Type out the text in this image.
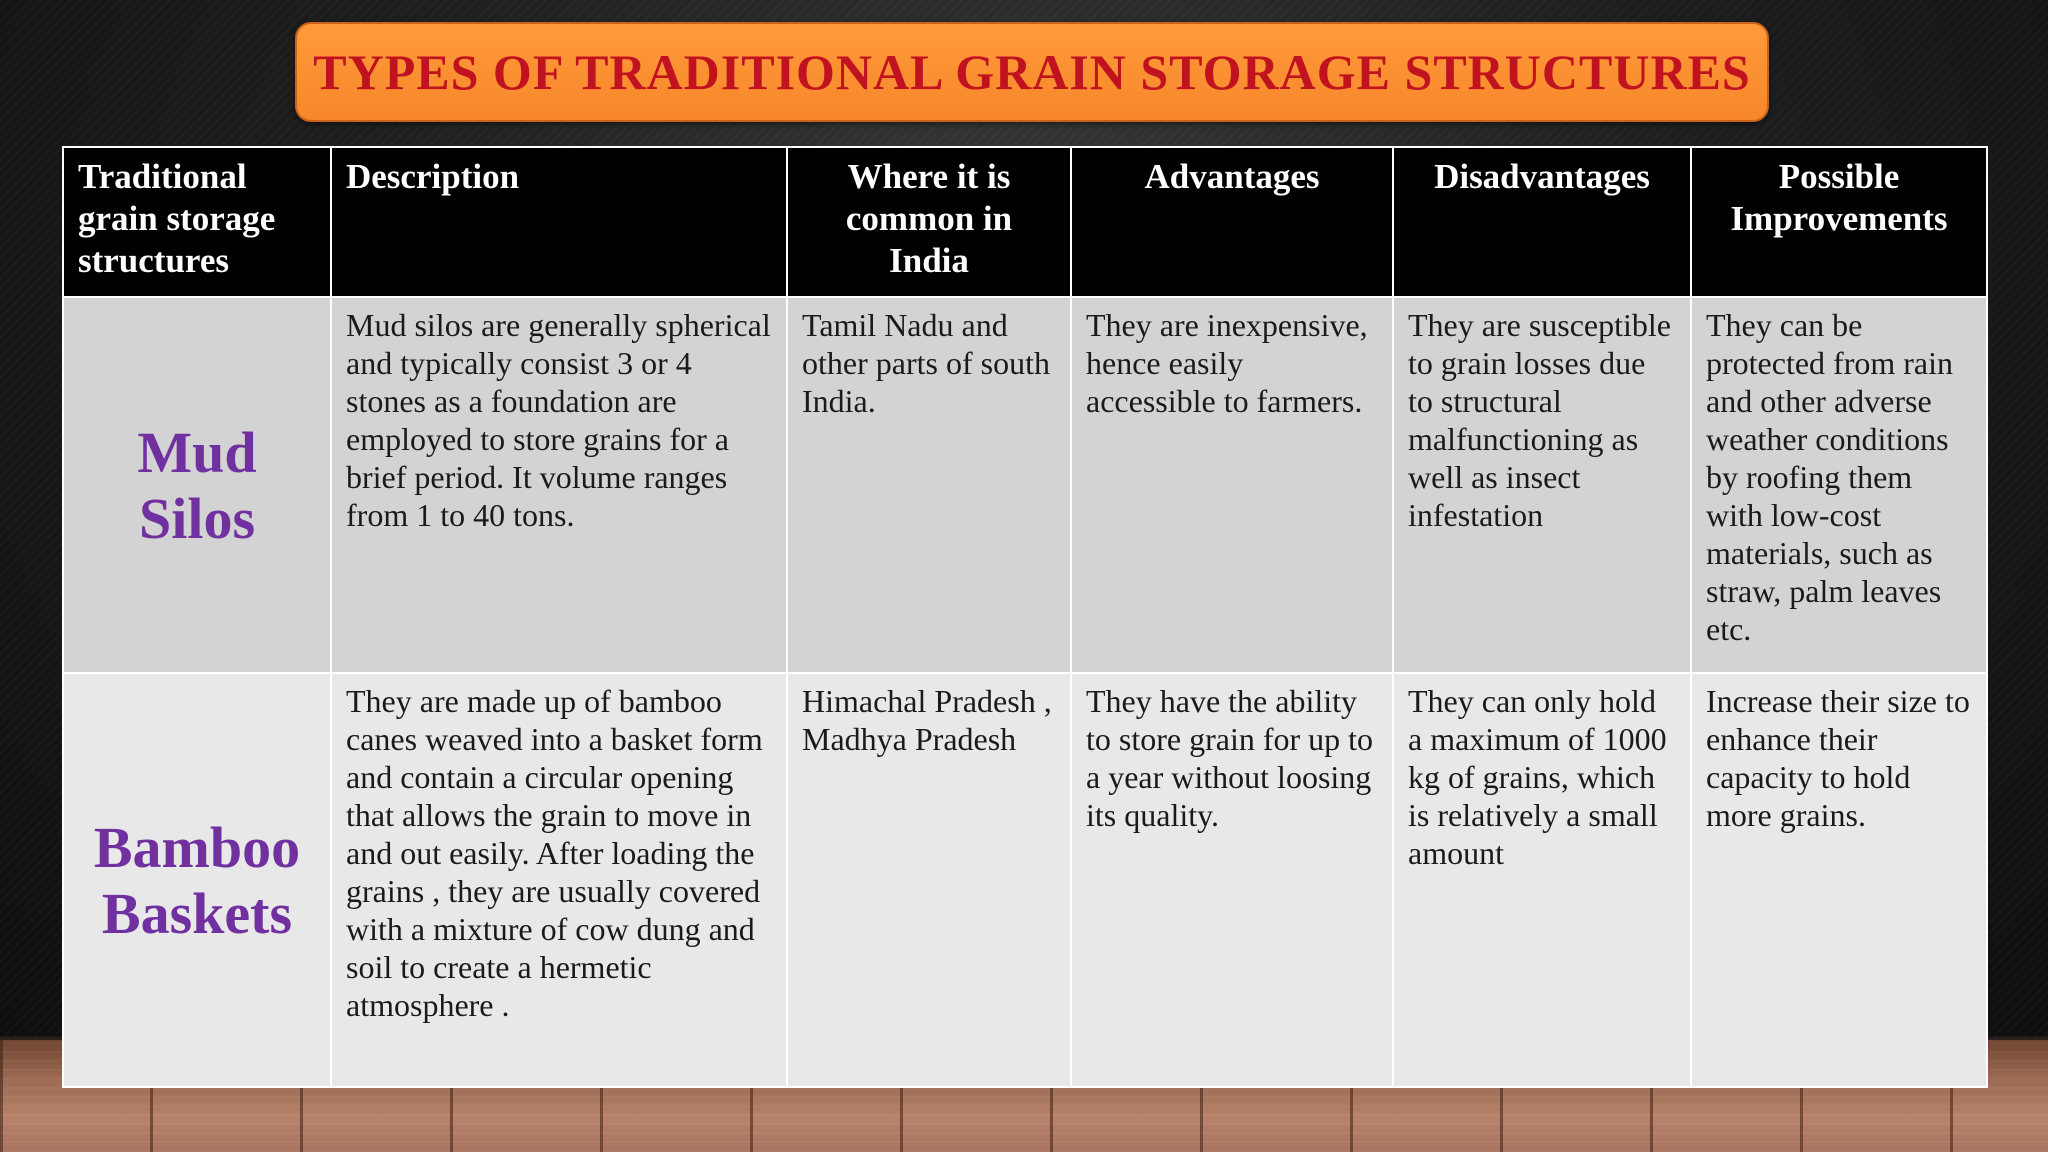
TYPES OF TRADITIONAL GRAIN STORAGE STRUCTURES
Traditional grain storage structures	Description	Where it is common in India	Advantages	Disadvantages	Possible Improvements
Mud Silos	Mud silos are generally spherical and typically consist 3 or 4 stones as a foundation are employed to store grains for a brief period. It volume ranges from 1 to 40 tons.	Tamil Nadu and other parts of south India.	They are inexpensive, hence easily accessible to farmers.	They are susceptible to grain losses due to structural malfunctioning as well as insect infestation	They can be protected from rain and other adverse weather conditions by roofing them with low-cost materials, such as straw, palm leaves etc.
Bamboo Baskets	They are made up of bamboo canes weaved into a basket form and contain a circular opening that allows the grain to move in and out easily. After loading the grains , they are usually covered with a mixture of cow dung and soil to create a hermetic atmosphere .	Himachal Pradesh , Madhya Pradesh	They have the ability to store grain for up to a year without loosing its quality.	They can only hold a maximum of 1000 kg of grains, which is relatively a small amount	Increase their size to enhance their capacity to hold more grains.
